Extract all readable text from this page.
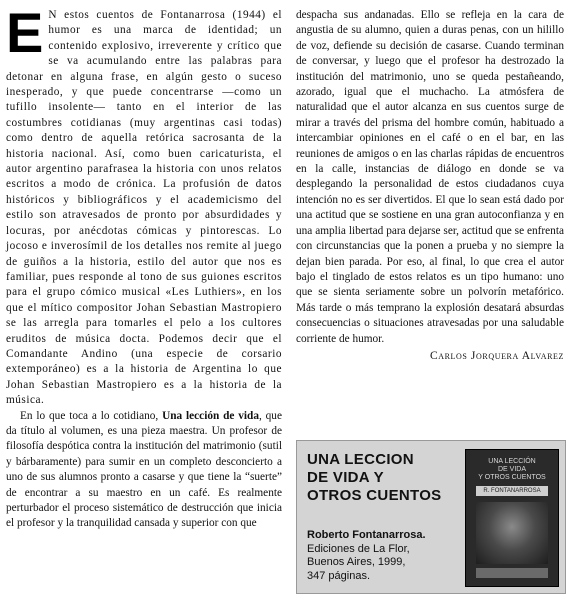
E N estos cuentos de Fontanarrosa (1944) el humor es una marca de identidad; un contenido explosivo, irreverente y crítico que se va acumulando entre las palabras para detonar en alguna frase, en algún gesto o suceso inesperado, y que puede concentrarse —como un tufillo insolente— tanto en el interior de las costumbres cotidianas (muy argentinas casi todas) como dentro de aquella retórica sacrosanta de la historia nacional. Así, como buen caricaturista, el autor argentino parafrasea la historia con unos relatos escritos a modo de crónica. La profusión de datos históricos y bibliográficos y el academicismo del estilo son atravesados de pronto por absurdidades y locuras, por anécdotas cómicas y pintorescas. Lo jocoso e inverosímil de los detalles nos remite al juego de guiños a la historia, estilo del autor que nos es familiar, pues responde al tono de sus guiones escritos para el grupo cómico musical «Les Luthiers», en los que el mítico compositor Johan Sebastian Mastropiero se las arregla para tomarles el pelo a los cultores eruditos de música docta. Podemos decir que el Comandante Andino (una especie de corsario extemporáneo) es a la historia de Argentina lo que Johan Sebastian Mastropiero es a la historia de la música.

En lo que toca a lo cotidiano, Una lección de vida, que da título al volumen, es una pieza maestra. Un profesor de filosofía despótica contra la institución del matrimonio (sutil y bárbaramente) para sumir en un completo desconcierto a uno de sus alumnos pronto a casarse y que tiene la “suerte” de encontrar a su maestro en un café. Es realmente perturbador el proceso sistemático de destrucción que inicia el profesor y la tranquilidad cansada y superior con que

despacha sus andanadas. Ello se refleja en la cara de angustia de su alumno, quien a duras penas, con un hilillo de voz, defiende su decisión de casarse. Cuando terminan de conversar, y luego que el profesor ha destrozado la institución del matrimonio, uno se queda pestañeando, azorado, igual que el muchacho. La atmósfera de naturalidad que el autor alcanza en sus cuentos surge de mirar a través del prisma del hombre común, habituado a intercambiar opiniones en el café o en el bar, en las reuniones de amigos o en las charlas rápidas de encuentros en la calle, instancias de diálogo en donde se va desplegando la personalidad de estos ciudadanos cuya intención no es ser divertidos. El que lo sean está dado por una actitud que se sostiene en una gran autoconfianza y en una amplia libertad para dejarse ser, actitud que se enfrenta con circunstancias que la ponen a prueba y no siempre la dejan bien parada. Por eso, al final, lo que crea el autor bajo el tinglado de estos relatos es un tipo humano: uno que se sienta seriamente sobre un polvorín metafórico. Más tarde o más temprano la explosión desatará absurdas consecuencias o situaciones atravesadas por una saludable corriente de humor.

Carlos Jorquera Alvarez

UNA LECCION
DE VIDA Y
OTROS CUENTOS
Roberto Fontanarrosa.
Ediciones de La Flor,
Buenos Aires, 1999,
347 páginas.
UNA LECCIÓN
DE VIDA
Y OTROS CUENTOS
R. FONTANARROSA
